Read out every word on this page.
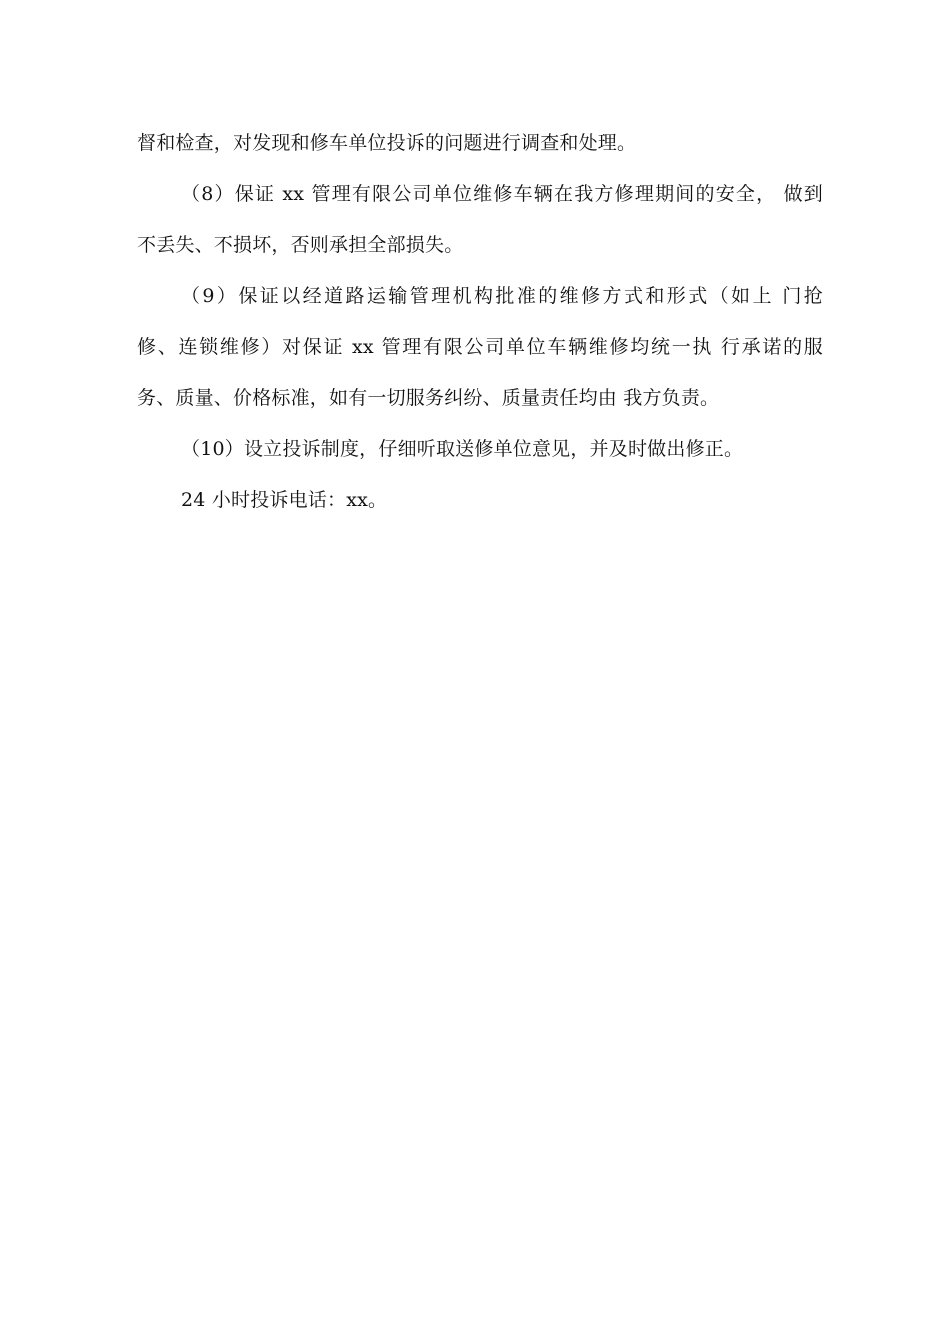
督和检查，对发现和修车单位投诉的问题进行调查和处理。

（8）保证 xx 管理有限公司单位维修车辆在我方修理期间的安全， 做到
不丢失、不损坏，否则承担全部损失。

（9）保证以经道路运输管理机构批准的维修方式和形式（如上 门抢
修、连锁维修）对保证 xx 管理有限公司单位车辆维修均统一执 行承诺的服
务、质量、价格标准，如有一切服务纠纷、质量责任均由 我方负责。

（10）设立投诉制度，仔细听取送修单位意见，并及时做出修正。

24 小时投诉电话：xx。
